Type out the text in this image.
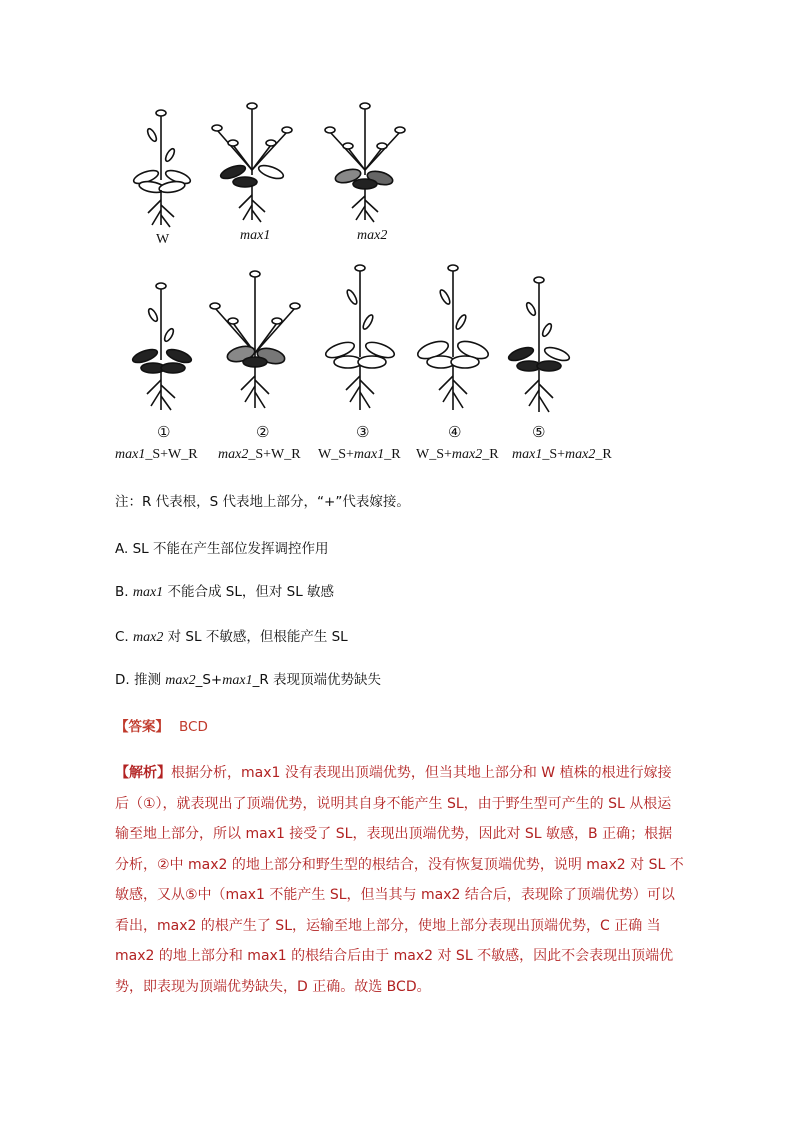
W	max1	max2
①	②	③	④	⑤
max1_S+W_R max2_S+W_R W_S+max1_R W_S+max2_R max1_S+max2_R
注：R 代表根，S 代表地上部分，“+”代表嫁接。
A. SL 不能在产生部位发挥调控作用
B. max1 不能合成 SL，但对 SL 敏感
C. max2 对 SL 不敏感，但根能产生 SL
D. 推测 max2_S+max1_R 表现顶端优势缺失
【答案】 BCD
【解析】根据分析，max1 没有表现出顶端优势，但当其地上部分和 W 植株的根进行嫁接后（①），就表现出了顶端优势，说明其自身不能产生 SL，由于野生型可产生的 SL 从根运输至地上部分，所以 max1 接受了 SL，表现出顶端优势，因此对 SL 敏感，B 正确；根据分析，②中 max2 的地上部分和野生型的根结合，没有恢复顶端优势，说明 max2 对 SL 不敏感，又从⑤中（max1 不能产生 SL，但当其与 max2 结合后，表现除了顶端优势）可以看出，max2 的根产生了 SL，运输至地上部分，使地上部分表现出顶端优势，C 正确 当 max2 的地上部分和 max1 的根结合后由于 max2 对 SL 不敏感，因此不会表现出顶端优势，即表现为顶端优势缺失，D 正确。故选 BCD。
